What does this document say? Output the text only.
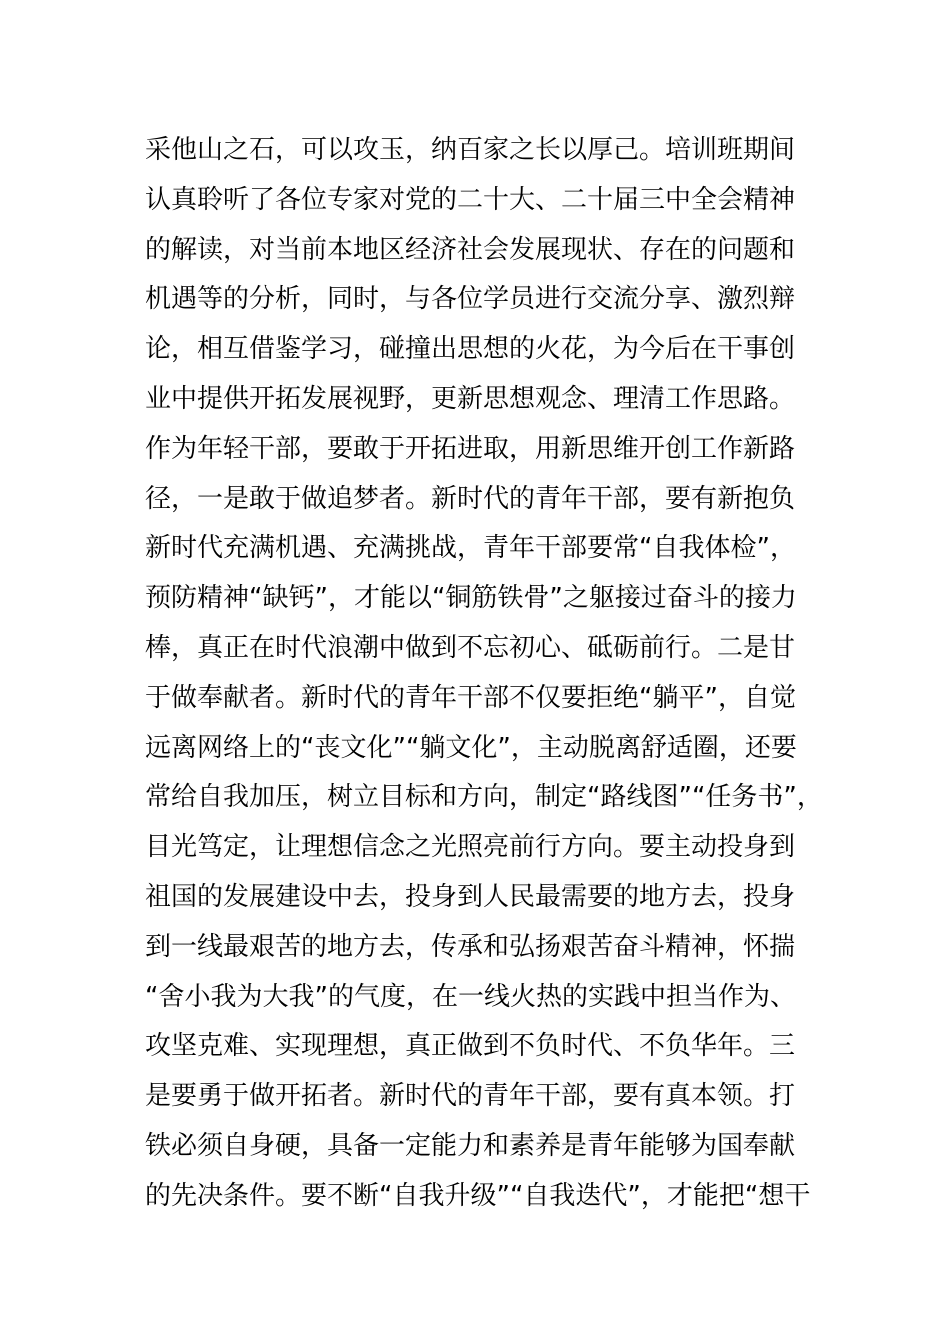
采他山之石，可以攻玉，纳百家之长以厚己。培训班期间
认真聆听了各位专家对党的二十大、二十届三中全会精神
的解读，对当前本地区经济社会发展现状、存在的问题和
机遇等的分析，同时，与各位学员进行交流分享、激烈辩
论，相互借鉴学习，碰撞出思想的火花，为今后在干事创
业中提供开拓发展视野，更新思想观念、理清工作思路。
作为年轻干部，要敢于开拓进取，用新思维开创工作新路
径，一是敢于做追梦者。新时代的青年干部，要有新抱负
新时代充满机遇、充满挑战，青年干部要常“自我体检”，
预防精神“缺钙”，才能以“铜筋铁骨”之躯接过奋斗的接力
棒，真正在时代浪潮中做到不忘初心、砥砺前行。二是甘
于做奉献者。新时代的青年干部不仅要拒绝“躺平”，自觉
远离网络上的“丧文化”“躺文化”，主动脱离舒适圈，还要
常给自我加压，树立目标和方向，制定“路线图”“任务书”，
目光笃定，让理想信念之光照亮前行方向。要主动投身到
祖国的发展建设中去，投身到人民最需要的地方去，投身
到一线最艰苦的地方去，传承和弘扬艰苦奋斗精神，怀揣
“舍小我为大我”的气度，在一线火热的实践中担当作为、
攻坚克难、实现理想，真正做到不负时代、不负华年。三
是要勇于做开拓者。新时代的青年干部，要有真本领。打
铁必须自身硬，具备一定能力和素养是青年能够为国奉献
的先决条件。要不断“自我升级”“自我迭代”，才能把“想干
